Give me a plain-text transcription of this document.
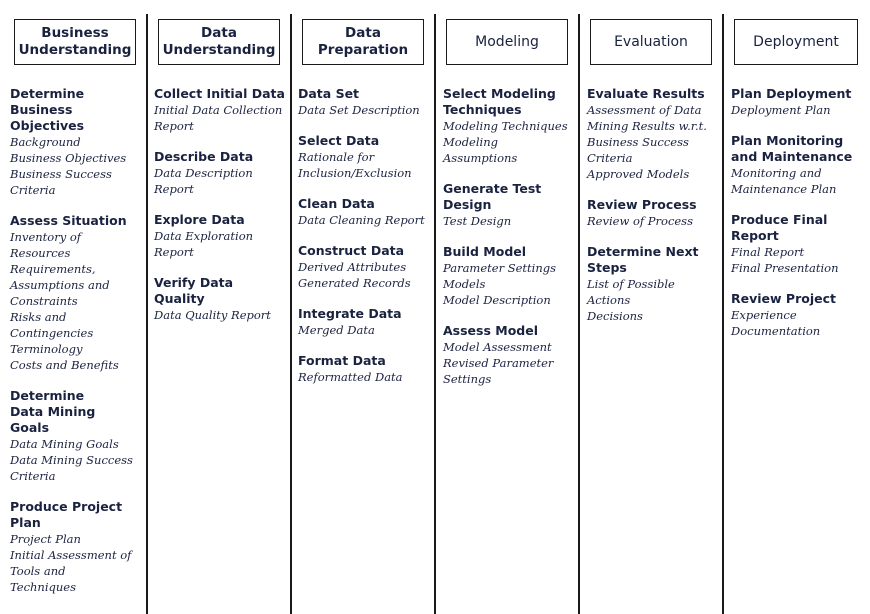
Business
Understanding
Data
Understanding
Data
Preparation
Modeling	Evaluation	Deployment
Determine
Business
Objectives
Background
Business Objectives
Business Success
Criteria
Assess Situation
Inventory of
Resources
Requirements,
Assumptions and
Constraints
Risks and
Contingencies
Terminology
Costs and Benefits
Determine
Data Mining
Goals
Data Mining Goals
Data Mining Success
Criteria
Produce Project
Plan
Project Plan
Initial Assessment of
Tools and
Techniques
Collect Initial Data
Initial Data Collection
Report
Describe Data
Data Description
Report
Explore Data
Data Exploration
Report
Verify Data Quality
Data Quality Report
Data Set
Data Set Description
Select Data
Rationale for
Inclusion/Exclusion
Clean Data
Data Cleaning Report
Construct Data
Derived Attributes
Generated Records
Integrate Data
Merged Data
Format Data
Reformatted Data
Select Modeling
Techniques
Modeling Techniques
Modeling
Assumptions
Generate Test
Design
Test Design
Build Model
Parameter Settings
Models
Model Description
Assess Model
Model Assessment
Revised Parameter
Settings
Evaluate Results
Assessment of Data
Mining Results w.r.t.
Business Success
Criteria
Approved Models
Review Process
Review of Process
Determine Next
Steps
List of Possible
Actions
Decisions
Plan Deployment
Deployment Plan
Plan Monitoring
and Maintenance
Monitoring and
Maintenance Plan
Produce Final
Report
Final Report
Final Presentation
Review Project
Experience
Documentation
